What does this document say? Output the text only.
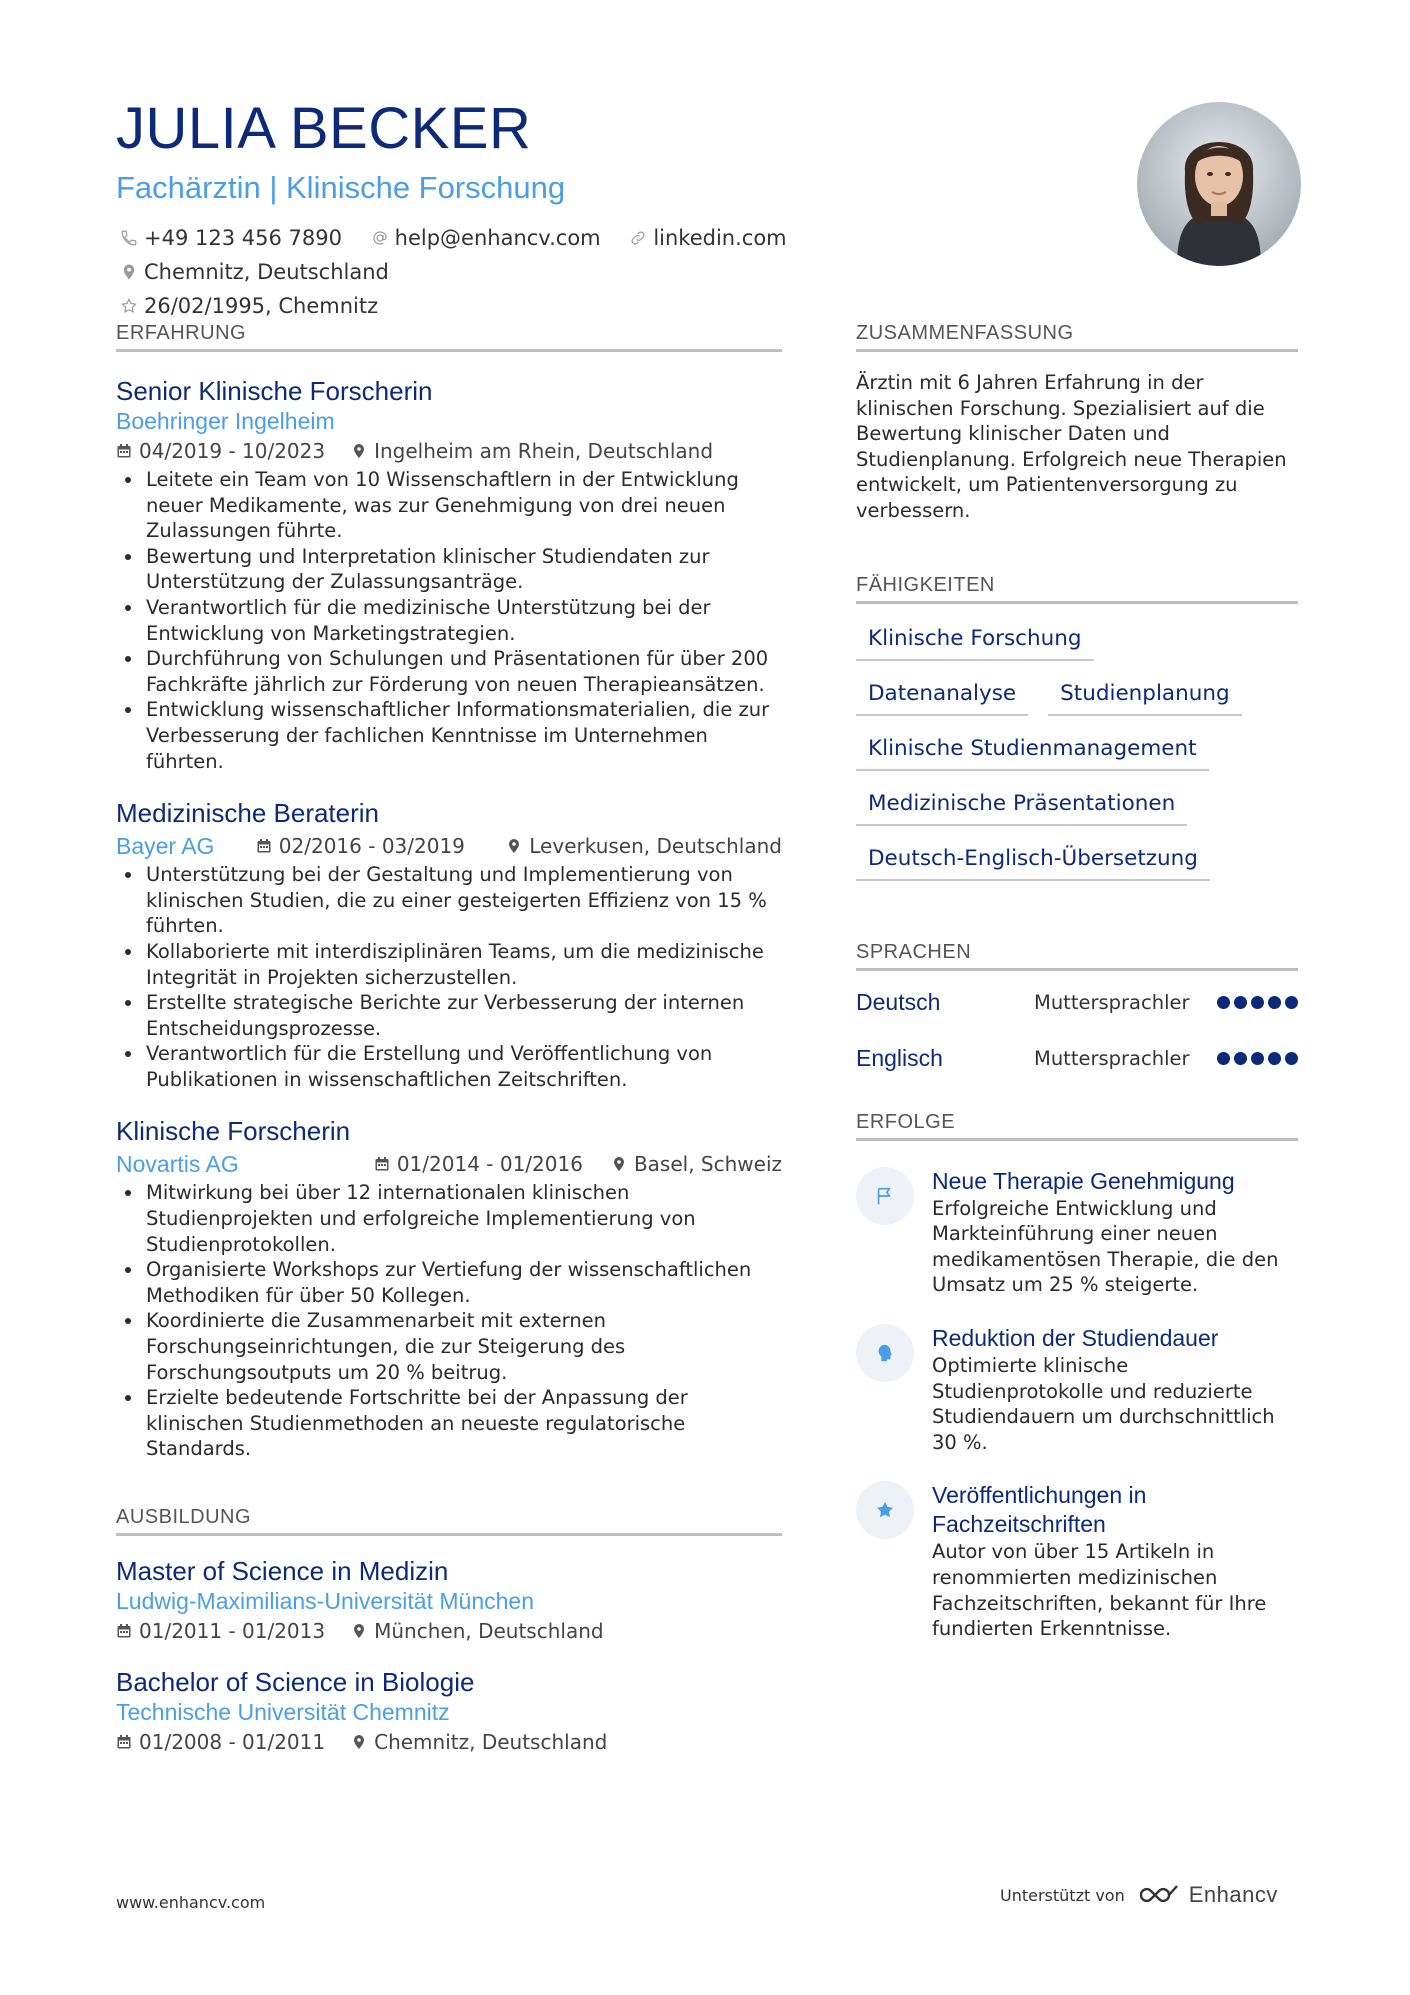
JULIA BECKER
Fachärztin | Klinische Forschung
+49 123 456 7890
	help@enhancv.com
	linkedin.com

Chemnitz, Deutschland

26/02/1995, Chemnitz
ERFAHRUNG
Senior Klinische Forscherin
Boehringer Ingelheim
04/2019 - 10/2023 Ingelheim am Rhein, Deutschland
• Leitete ein Team von 10 Wissenschaftlern in der Entwicklung neuer Medikamente, was zur Genehmigung von drei neuen Zulassungen führte.
• Bewertung und Interpretation klinischer Studiendaten zur Unterstützung der Zulassungsanträge.
• Verantwortlich für die medizinische Unterstützung bei der Entwicklung von Marketingstrategien.
• Durchführung von Schulungen und Präsentationen für über 200 Fachkräfte jährlich zur Förderung von neuen Therapieansätzen.
• Entwicklung wissenschaftlicher Informationsmaterialien, die zur Verbesserung der fachlichen Kenntnisse im Unternehmen führten.
Medizinische Beraterin
Bayer AG	02/2016 - 03/2019	Leverkusen, Deutschland
• Unterstützung bei der Gestaltung und Implementierung von klinischen Studien, die zu einer gesteigerten Effizienz von 15 % führten.
• Kollaborierte mit interdisziplinären Teams, um die medizinische Integrität in Projekten sicherzustellen.
• Erstellte strategische Berichte zur Verbesserung der internen Entscheidungsprozesse.
• Verantwortlich für die Erstellung und Veröffentlichung von Publikationen in wissenschaftlichen Zeitschriften.
Klinische Forscherin
Novartis AG	01/2014 - 01/2016	Basel, Schweiz
• Mitwirkung bei über 12 internationalen klinischen Studienprojekten und erfolgreiche Implementierung von Studienprotokollen.
• Organisierte Workshops zur Vertiefung der wissenschaftlichen Methodiken für über 50 Kollegen.
• Koordinierte die Zusammenarbeit mit externen Forschungseinrichtungen, die zur Steigerung des Forschungsoutputs um 20 % beitrug.
• Erzielte bedeutende Fortschritte bei der Anpassung der klinischen Studienmethoden an neueste regulatorische Standards.
AUSBILDUNG
Master of Science in Medizin
Ludwig-Maximilians-Universität München
01/2011 - 01/2013 München, Deutschland
Bachelor of Science in Biologie
Technische Universität Chemnitz
01/2008 - 01/2011 Chemnitz, Deutschland
ZUSAMMENFASSUNG
Ärztin mit 6 Jahren Erfahrung in der klinischen Forschung. Spezialisiert auf die Bewertung klinischer Daten und Studienplanung. Erfolgreich neue Therapien entwickelt, um Patientenversorgung zu verbessern.
FÄHIGKEITEN
Klinische Forschung
Datenanalyse	Studienplanung
Klinische Studienmanagement
Medizinische Präsentationen
Deutsch-Englisch-Übersetzung
SPRACHEN
Deutsch	Muttersprachler
Englisch	Muttersprachler
ERFOLGE
Neue Therapie Genehmigung
Erfolgreiche Entwicklung und Markteinführung einer neuen medikamentösen Therapie, die den Umsatz um 25 % steigerte.
Reduktion der Studiendauer
Optimierte klinische Studienprotokolle und reduzierte Studiendauern um durchschnittlich 30 %.
Veröffentlichungen in Fachzeitschriften
Autor von über 15 Artikeln in renommierten medizinischen Fachzeitschriften, bekannt für Ihre fundierten Erkenntnisse.
www.enhancv.com	Unterstützt von	Enhancv
